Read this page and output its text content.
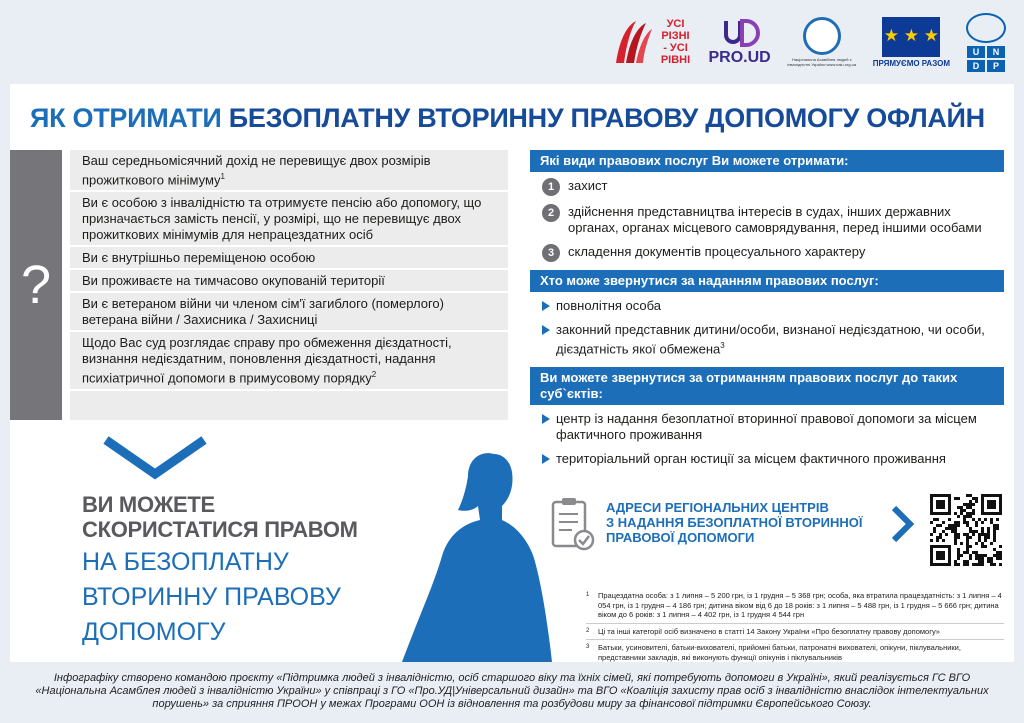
УСІ РІЗНІ - УСІ РІВНІ PRO.UD	Національна Асамблея людей з інвалідністю України www.naiu.org.ua
★ ★ ★
ПРЯМУЄМО РАЗОМ
U	N
D	P
ЯК ОТРИМАТИ БЕЗОПЛАТНУ ВТОРИННУ ПРАВОВУ ДОПОМОГУ ОФЛАЙН
?
Ваш середньомісячний дохід не перевищує двох розмірів прожиткового мінімуму$^1$
Ви є особою з інвалідністю та отримуєте пенсію або допомогу, що призначається замість пенсії, у розмірі, що не перевищує двох прожиткових мінімумів для непрацездатних осіб
Ви є внутрішньо переміщеною особою
Ви проживаєте на тимчасово окупованій території
Ви є ветераном війни чи членом сім'ї загиблого (померлого) ветерана війни / Захисника / Захисниці
Щодо Вас суд розглядає справу про обмеження дієздатності, визнання недієздатним, поновлення дієздатності, надання психіатричної допомоги в примусовому порядку$^2$
ВИ МОЖЕТЕ
СКОРИСТАТИСЯ ПРАВОМ
НА БЕЗОПЛАТНУ
ВТОРИННУ ПРАВОВУ
ДОПОМОГУ
Які види правових послуг Ви можете отримати:
1	захист
2	здійснення представництва інтересів в судах, інших державних органах, органах місцевого самоврядування, перед іншими особами
3	складення документів процесуального характеру
Хто може звернутися за наданням правових послуг:
повнолітня особа
законний представник дитини/особи, визнаної недієздатною, чи особи, дієздатність якої обмежена$^3$
Ви можете звернутися за отриманням правових послуг до таких суб`єктів:
центр із надання безоплатної вторинної правової допомоги за місцем фактичного проживання
територіальний орган юстиції за місцем фактичного проживання
АДРЕСИ РЕГІОНАЛЬНИХ ЦЕНТРІВ
З НАДАННЯ БЕЗОПЛАТНОЇ ВТОРИННОЇ
ПРАВОВОЇ ДОПОМОГИ
1	Працездатна особа: з 1 липня – 5 200 грн, із 1 грудня – 5 368 грн; особа, яка втратила працездатність: з 1 липня – 4 054 грн, із 1 грудня – 4 186 грн; дитина віком від 6 до 18 років: з 1 липня – 5 488 грн, із 1 грудня – 5 666 грн; дитина віком до 6 років: з 1 липня – 4 402 грн, із 1 грудня 4 544 грн
2	Ці та інші категорії осіб визначено в статті 14 Закону України «Про безоплатну правову допомогу»
3	Батьки, усиновителі, батьки-вихователі, прийомні батьки, патронатні вихователі, опікуни, піклувальники, представники закладів, які виконують функції опікунів і піклувальників
Інфографіку створено командою проєкту «Підтримка людей з інвалідністю, осіб старшого віку та їхніх сімей, які потребують допомоги в Україні», який реалізується ГС ВГО «Національна Асамблея людей з інвалідністю України» у співпраці з ГО «Про.УД|Універсальний дизайн» та ВГО «Коаліція захисту прав осіб з інвалідністю внаслідок інтелектуальних порушень» за сприяння ПРООН у межах Програми ООН із відновлення та розбудови миру за фінансової підтримки Європейського Союзу.
